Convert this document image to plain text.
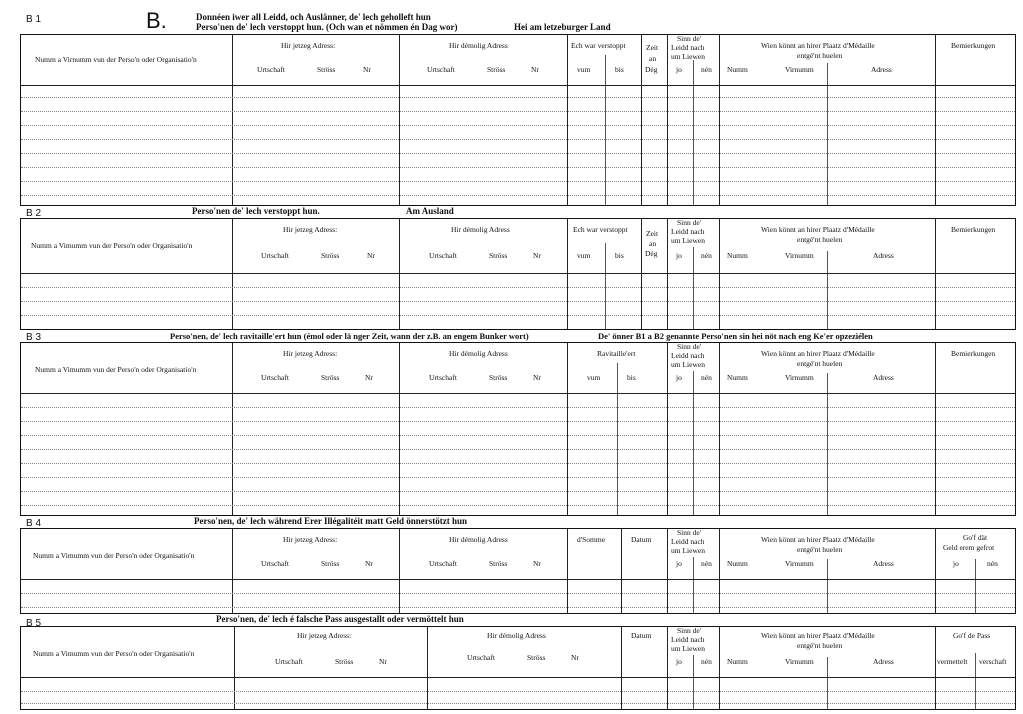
B 1	B.	Donnéen iwer all Leidd, och Auslänner, de' lech geholleft hun
Perso'nen de' lech verstoppt hun. (Och wan et nömmen én Dag wor)	Hei am letzeburger Land
Numm a Virnumm vun der Perso'n oder Organisatio'n
Hir jetzeg Adress:
Urtschaft	Ströss	Nr
Hir démolig Adress
Urtschaft	Ströss	Nr
Ech war verstoppt
vum	bis
Zeit
an
Dég
Sinn de'
Leidd nach
um Liewen
jo	nén
Wien könnt an hirer Plaatz d'Médaille
entgé'nt huelen
Numm	Virnumm	Adress
Bemierkungen
B 2	Perso'nen de' lech verstoppt hun.	Am Ausland
Numm a Vimumm vun der Perso'n oder Organisatio'n
Hir jetzeg Adress:
Urtschaft	Ströss	Nr
Hir démolig Adress
Urtschaft	Ströss	Nr
Ech war verstoppt
vum	bis
Zeit
an
Dég
Sinn de'
Leidd nach
um Liewen
jo	nén
Wien könnt an hirer Plaatz d'Médaille
entgé'nt huelen
Numm	Virnumm	Adress
Bemierkungen
B 3	Perso'nen, de' lech ravitaille'ert hun (émol oder lä nger Zeit, wann der z.B. an engem Bunker wort)	De' önner B1 a B2 genannte Perso'nen sin hei nöt nach eng Ke'er opzeziélen
Numm a Vimumm vun der Perso'n oder Organisatio'n
Hir jetzeg Adress:
Urtschaft	Ströss	Nr
Hir démolig Adress
Urtschaft	Ströss	Nr
Ravitaille'ert
vum	bis
Sinn de'
Leidd nach
um Liewen
jo	nén
Wien könnt an hirer Plaatz d'Médaille
entgé'nt huelen
Numm	Virnumm	Adress
Bemierkungen
B 4	Perso'nen, de' lech während Erer Illégalitéit matt Geld önnerstötzt hun
Numm a Vimumm vun der Perso'n oder Organisatio'n
Hir jetzeg Adress:
Urtschaft	Ströss	Nr
Hir démolig Adress
Urtschaft	Ströss	Nr
d'Somme	Datum
Sinn de'
Leidd nach
um Liewen
jo	nén
Wien könnt an hirer Plaatz d'Médaille
entgé'nt huelen
Numm	Virnumm	Adress
Go'f dät
Geld erem gefrot
jo	nén
B 5	Perso'nen, de' lech é falsche Pass ausgestallt oder vermöttelt hun
Numm a Vimumm vun der Perso'n oder Organisatio'n
Hir jetzeg Adress:
Urtschaft	Ströss	Nr
Hir démolig Adress
Urtschaft	Ströss	Nr
Datum
Sinn de'
Leidd nach
um Liewen
jo	nén
Wien könnt an hirer Plaatz d'Médaille
entgé'nt huelen
Numm	Virnumm	Adress
Go'f de Pass
vermettelt verschaft
